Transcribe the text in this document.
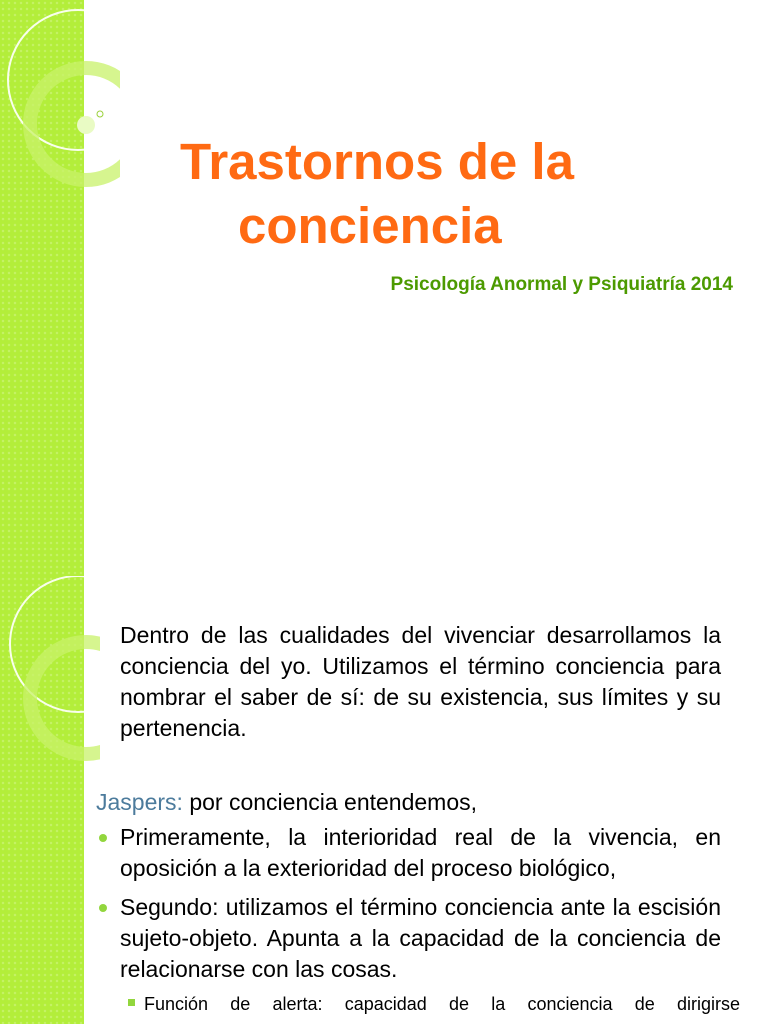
Trastornos de la
conciencia
Psicología Anormal y Psiquiatría 2014

Dentro de las cualidades del vivenciar desarrollamos la conciencia del yo. Utilizamos el término conciencia para nombrar el saber de sí: de su existencia, sus límites y su pertenencia.

Jaspers: por conciencia entendemos,
Primeramente, la interioridad real de la vivencia, en oposición a la exterioridad del proceso biológico,
Segundo: utilizamos el término conciencia ante la escisión sujeto-objeto. Apunta a la capacidad de la conciencia de relacionarse con las cosas.
Función de alerta: capacidad de la conciencia de dirigirse
